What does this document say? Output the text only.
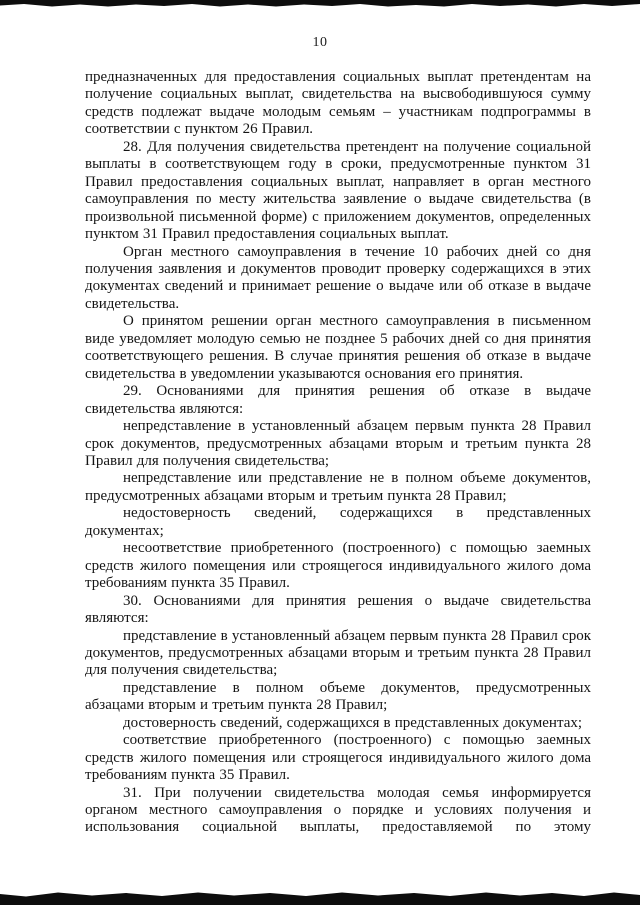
10

предназначенных для предоставления социальных выплат претендентам на получение социальных выплат, свидетельства на высвободившуюся сумму средств подлежат выдаче молодым семьям – участникам подпрограммы в соответствии с пунктом 26 Правил.

28. Для получения свидетельства претендент на получение социальной выплаты в соответствующем году в сроки, предусмотренные пунктом 31 Правил предоставления социальных выплат, направляет в орган местного самоуправления по месту жительства заявление о выдаче свидетельства (в произвольной письменной форме) с приложением документов, определенных пунктом 31 Правил предоставления социальных выплат.

Орган местного самоуправления в течение 10 рабочих дней со дня получения заявления и документов проводит проверку содержащихся в этих документах сведений и принимает решение о выдаче или об отказе в выдаче свидетельства.

О принятом решении орган местного самоуправления в письменном виде уведомляет молодую семью не позднее 5 рабочих дней со дня принятия соответствующего решения. В случае принятия решения об отказе в выдаче свидетельства в уведомлении указываются основания его принятия.

29. Основаниями для принятия решения об отказе в выдаче свидетельства являются:

непредставление в установленный абзацем первым пункта 28 Правил срок документов, предусмотренных абзацами вторым и третьим пункта 28 Правил для получения свидетельства;

непредставление или представление не в полном объеме документов, предусмотренных абзацами вторым и третьим пункта 28 Правил;

недостоверность сведений, содержащихся в представленных документах;

несоответствие приобретенного (построенного) с помощью заемных средств жилого помещения или строящегося индивидуального жилого дома требованиям пункта 35 Правил.

30. Основаниями для принятия решения о выдаче свидетельства являются:

представление в установленный абзацем первым пункта 28 Правил срок документов, предусмотренных абзацами вторым и третьим пункта 28 Правил для получения свидетельства;

представление в полном объеме документов, предусмотренных абзацами вторым и третьим пункта 28 Правил;

достоверность сведений, содержащихся в представленных документах;

соответствие приобретенного (построенного) с помощью заемных средств жилого помещения или строящегося индивидуального жилого дома требованиям пункта 35 Правил.

31. При получении свидетельства молодая семья информируется органом местного самоуправления о порядке и условиях получения и использования социальной выплаты, предоставляемой по этому
